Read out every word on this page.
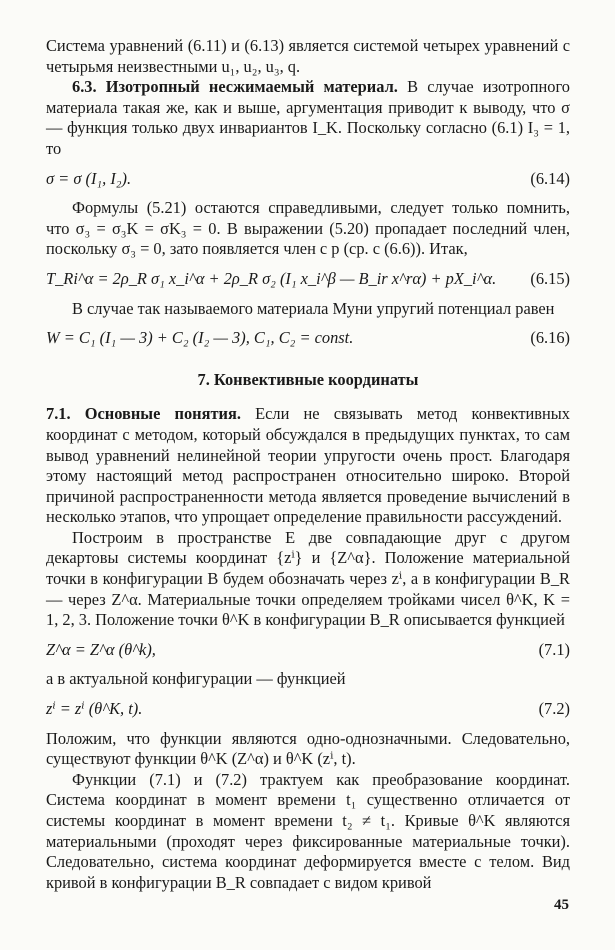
Система уравнений (6.11) и (6.13) является системой четырех уравнений с четырьмя неизвестными u₁, u₂, u₃, q.

6.3. Изотропный несжимаемый мате‌риал. В случае изотропного материала такая же, как и выше, аргументация приводит к выводу, что σ — функция только двух инвариантов I_K. Поскольку согласно (6.1) I₃ = 1, то

σ = σ (I₁, I₂).	(6.14)

Формулы (5.21) остаются справедливыми, следует только помнить, что σ₃ = σ₃K = σK₃ = 0. В выражении (5.20) пропадает последний член, поскольку σ₃ = 0, зато появляется член с p (ср. с (6.6)). Итак,

T_Ri^α = 2ρ_R σ₁ x_i^α + 2ρ_R σ₂ (I₁ x_i^β — B_ir x^rα) + pX_i^α. (6.15)

В случае так называемого материала Муни упругий потенциал равен

W = C₁ (I₁ — 3) + C₂ (I₂ — 3), C₁, C₂ = const.	(6.16)
7. Конвективные координаты

7.1. Основные понятия. Если не связывать метод конвективных координат с методом, который обсуждался в предыдущих пунктах, то сам вывод уравнений нелинейной теории упругости очень прост. Благодаря этому настоящий метод распространен относительно широко. Второй причиной распространенности метода является проведение вычислений в несколько этапов, что упрощает определение правильности рассуждений.

Построим в пространстве E две совпадающие друг с другом декартовы системы координат {zⁱ} и {Z^α}. Положение материальной точки в конфигурации B будем обозначать через zⁱ, а в конфигурации B_R — через Z^α. Материальные точки определяем тройками чисел θ^K, K = 1, 2, 3. Положение точки θ^K в конфигурации B_R описывается функцией

Z^α = Z^α (θ^k),	(7.1)

а в актуальной конфигурации — функцией

zⁱ = zⁱ (θ^K, t).	(7.2)

Положим, что функции являются одно-однозначными. Следовательно, существуют функции θ^K (Z^α) и θ^K (zⁱ, t).

Функции (7.1) и (7.2) трактуем как преобразование координат. Система координат в момент времени t₁ существенно отличается от системы координат в момент времени t₂ ≠ t₁. Кривые θ^K являются материальными (проходят через фиксированные материальные точки). Следовательно, система координат деформируется вместе с телом. Вид кривой в конфигурации B_R совпадает с видом кривой

45
